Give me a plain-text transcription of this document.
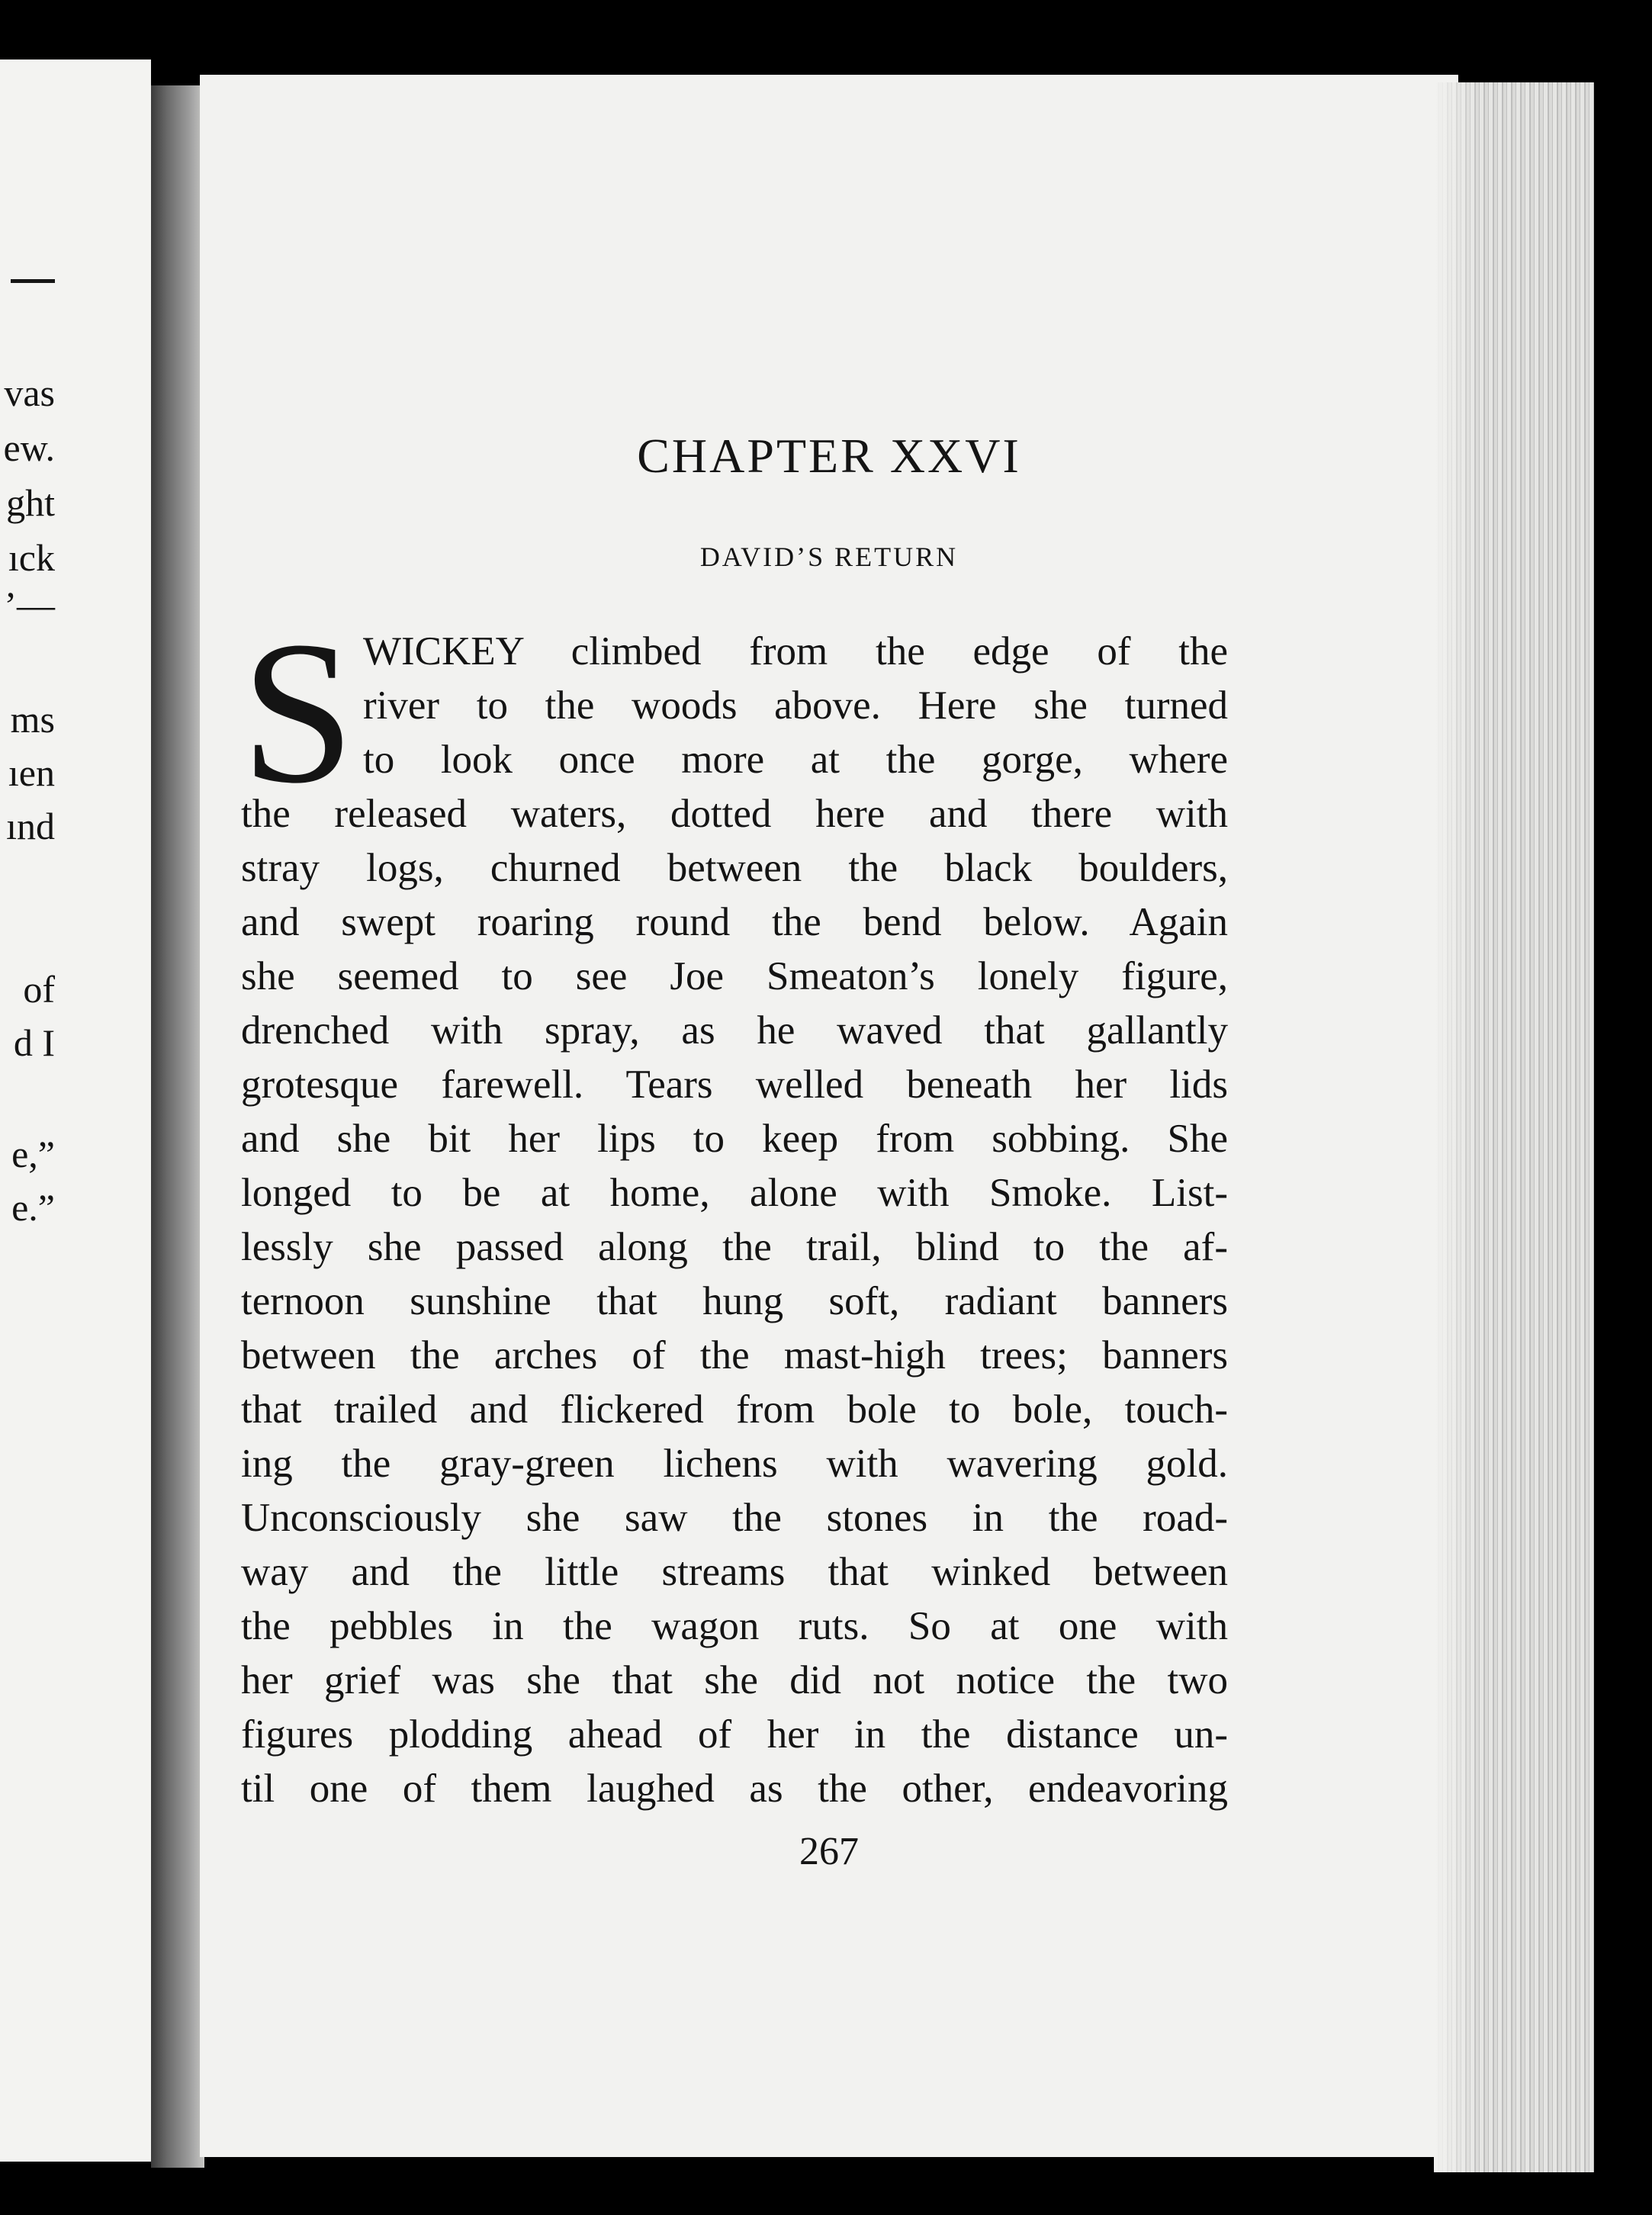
vas
ew.
ght
ıck
’—
ms
ıen
ınd
of
d I
e,”
e.”
CHAPTER XXVI
DAVID’S RETURN
S WICKEY climbed from the edge of the
river to the woods above. Here she turned
to look once more at the gorge, where
the released waters, dotted here and there with
stray logs, churned between the black boulders,
and swept roaring round the bend below. Again
she seemed to see Joe Smeaton’s lonely figure,
drenched with spray, as he waved that gallantly
grotesque farewell. Tears welled beneath her lids
and she bit her lips to keep from sobbing. She
longed to be at home, alone with Smoke. List-
lessly she passed along the trail, blind to the af-
ternoon sunshine that hung soft, radiant banners
between the arches of the mast-high trees; banners
that trailed and flickered from bole to bole, touch-
ing the gray-green lichens with wavering gold.
Unconsciously she saw the stones in the road-
way and the little streams that winked between
the pebbles in the wagon ruts. So at one with
her grief was she that she did not notice the two
figures plodding ahead of her in the distance un-
til one of them laughed as the other, endeavoring
267
